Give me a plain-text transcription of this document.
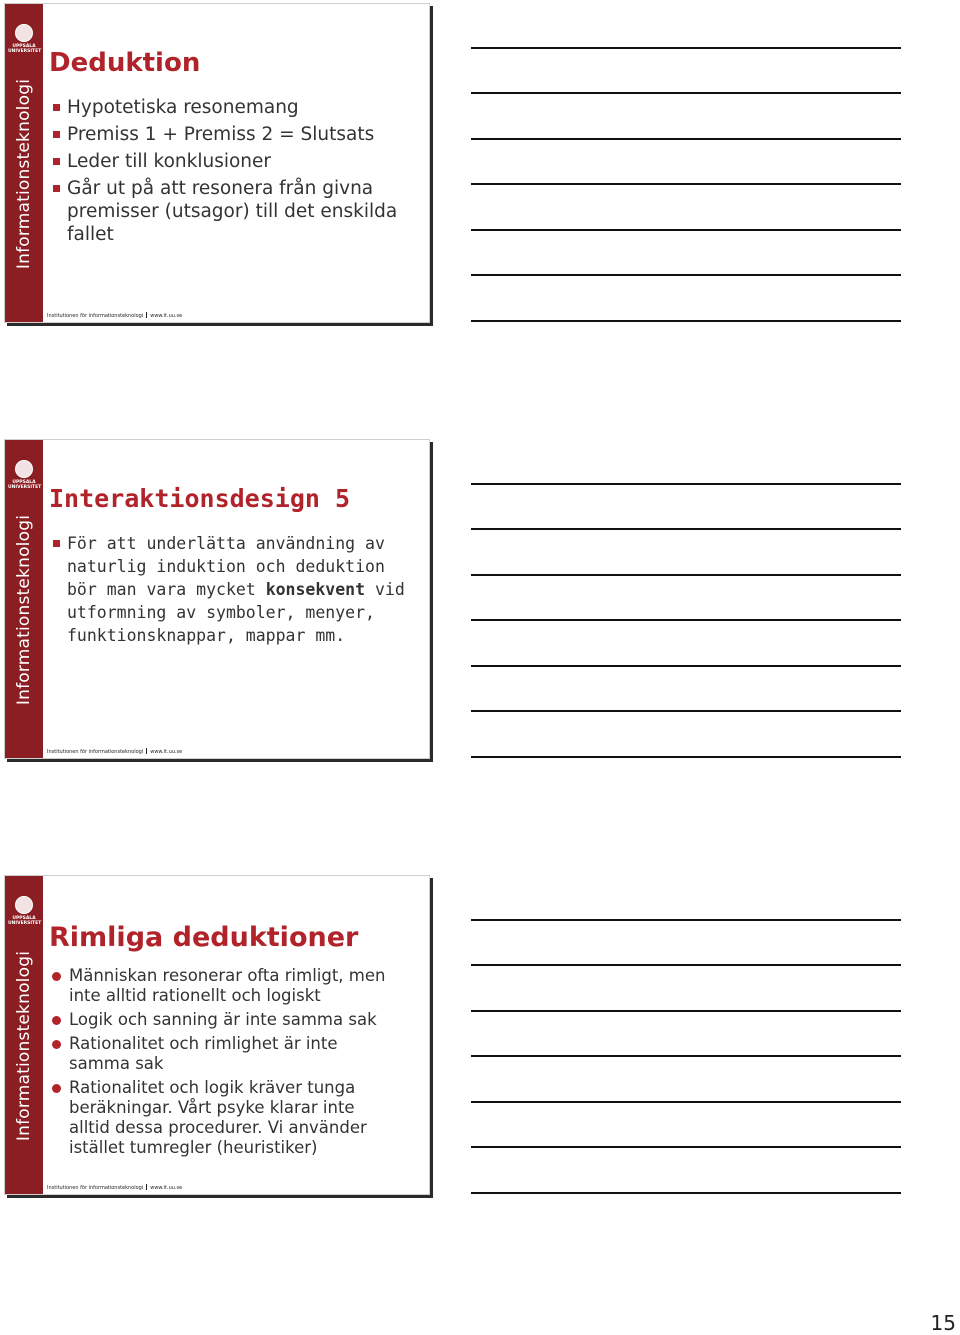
UPPSALA
UNIVERSITET
Informationsteknologi
Deduktion
Hypotetiska resonemang
Premiss 1 + Premiss 2 = Slutsats
Leder till konklusioner
Går ut på att resonera från givna premisser (utsagor) till det enskilda fallet
Institutionen för informationsteknologi www.it.uu.se
UPPSALA
UNIVERSITET
Informationsteknologi
Interaktionsdesign 5
För att underlätta användning av naturlig induktion och deduktion bör man vara mycket konsekvent vid utformning av symboler, menyer, funktionsknappar, mappar mm.
Institutionen för informationsteknologi www.it.uu.se
UPPSALA
UNIVERSITET
Informationsteknologi
Rimliga deduktioner
Människan resonerar ofta rimligt, men inte alltid rationellt och logiskt
Logik och sanning är inte samma sak
Rationalitet och rimlighet är inte samma sak
Rationalitet och logik kräver tunga beräkningar. Vårt psyke klarar inte alltid dessa procedurer. Vi använder istället tumregler (heuristiker)
Institutionen för informationsteknologi www.it.uu.se
15
